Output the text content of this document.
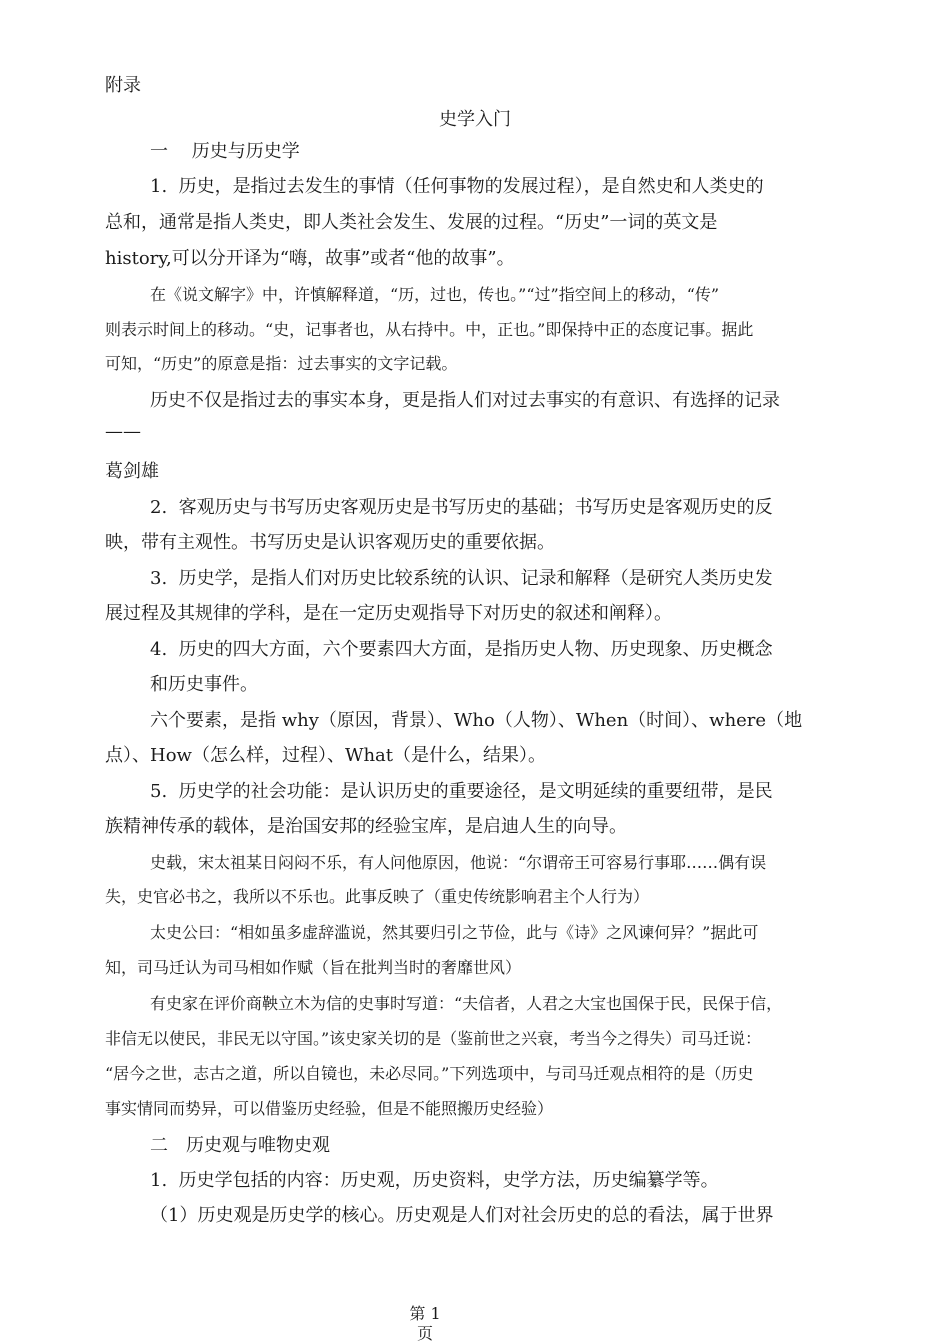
附录
史学入门
一　 历史与历史学
1.  历史，是指过去发生的事情（任何事物的发展过程），是自然史和人类史的
总和，通常是指人类史，即人类社会发生、发展的过程。“历史”一词的英文是
history,可以分开译为“嗨，故事”或者“他的故事”。
在《说文解字》中，许慎解释道，“历，过也，传也。”“过”指空间上的移动，“传”
则表示时间上的移动。“史，记事者也，从右持中。中，正也。”即保持中正的态度记事。据此
可知，“历史”的原意是指：过去事实的文字记载。
历史不仅是指过去的事实本身，更是指人们对过去事实的有意识、有选择的记录
——
葛剑雄
2.  客观历史与书写历史客观历史是书写历史的基础；书写历史是客观历史的反
映，带有主观性。书写历史是认识客观历史的重要依据。
3.  历史学，是指人们对历史比较系统的认识、记录和解释（是研究人类历史发
展过程及其规律的学科，是在一定历史观指导下对历史的叙述和阐释）。
4.  历史的四大方面，六个要素四大方面，是指历史人物、历史现象、历史概念
和历史事件。
六个要素，是指 why（原因，背景）、Who（人物）、When（时间）、where（地
点）、How（怎么样，过程）、What（是什么，结果）。
5.  历史学的社会功能：是认识历史的重要途径，是文明延续的重要纽带，是民
族精神传承的载体，是治国安邦的经验宝库，是启迪人生的向导。
史载，宋太祖某日闷闷不乐，有人问他原因，他说：“尔谓帝王可容易行事耶……偶有误
失，史官必书之，我所以不乐也。此事反映了（重史传统影响君主个人行为）
太史公曰：“相如虽多虚辞滥说，然其要归引之节俭，此与《诗》之风谏何异？”据此可
知，司马迁认为司马相如作赋（旨在批判当时的奢靡世风）
有史家在评价商鞅立木为信的史事时写道：“夫信者，人君之大宝也国保于民，民保于信，
非信无以使民，非民无以守国。”该史家关切的是（鉴前世之兴衰，考当今之得失）司马迁说：
“居今之世，志古之道，所以自镜也，未必尽同。”下列选项中，与司马迁观点相符的是（历史
事实情同而势异，可以借鉴历史经验，但是不能照搬历史经验）
二　历史观与唯物史观
1.  历史学包括的内容：历史观，历史资料，史学方法，历史编纂学等。
（1）历史观是历史学的核心。历史观是人们对社会历史的总的看法，属于世界
第 1
页
